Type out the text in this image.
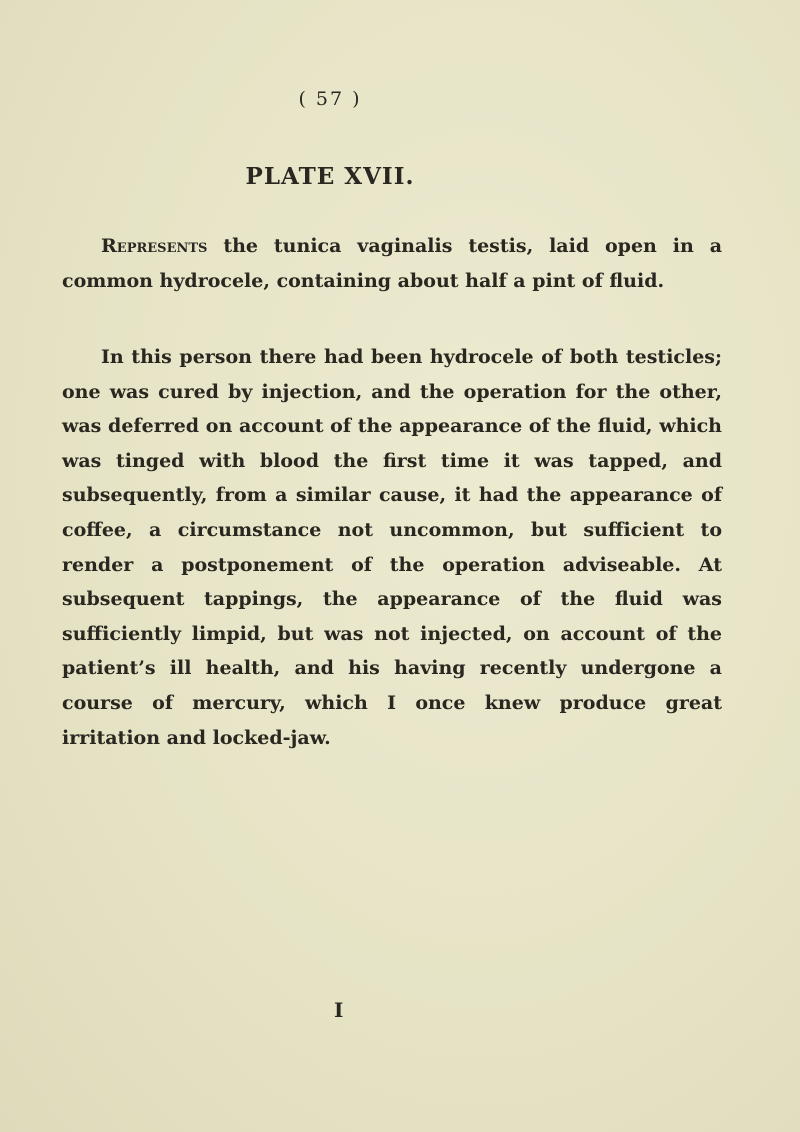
( 57 )
PLATE XVII.

Represents the tunica vaginalis testis, laid open in a common hydrocele, containing about half a pint of fluid.

In this person there had been hydrocele of both testicles; one was cured by injection, and the operation for the other, was deferred on account of the appearance of the fluid, which was tinged with blood the first time it was tapped, and subsequently, from a similar cause, it had the appearance of coffee, a circumstance not uncommon, but sufficient to render a postponement of the operation adviseable. At subsequent tappings, the appearance of the fluid was sufficiently limpid, but was not injected, on account of the patient’s ill health, and his having recently undergone a course of mercury, which I once knew produce great irritation and locked-jaw.

I
